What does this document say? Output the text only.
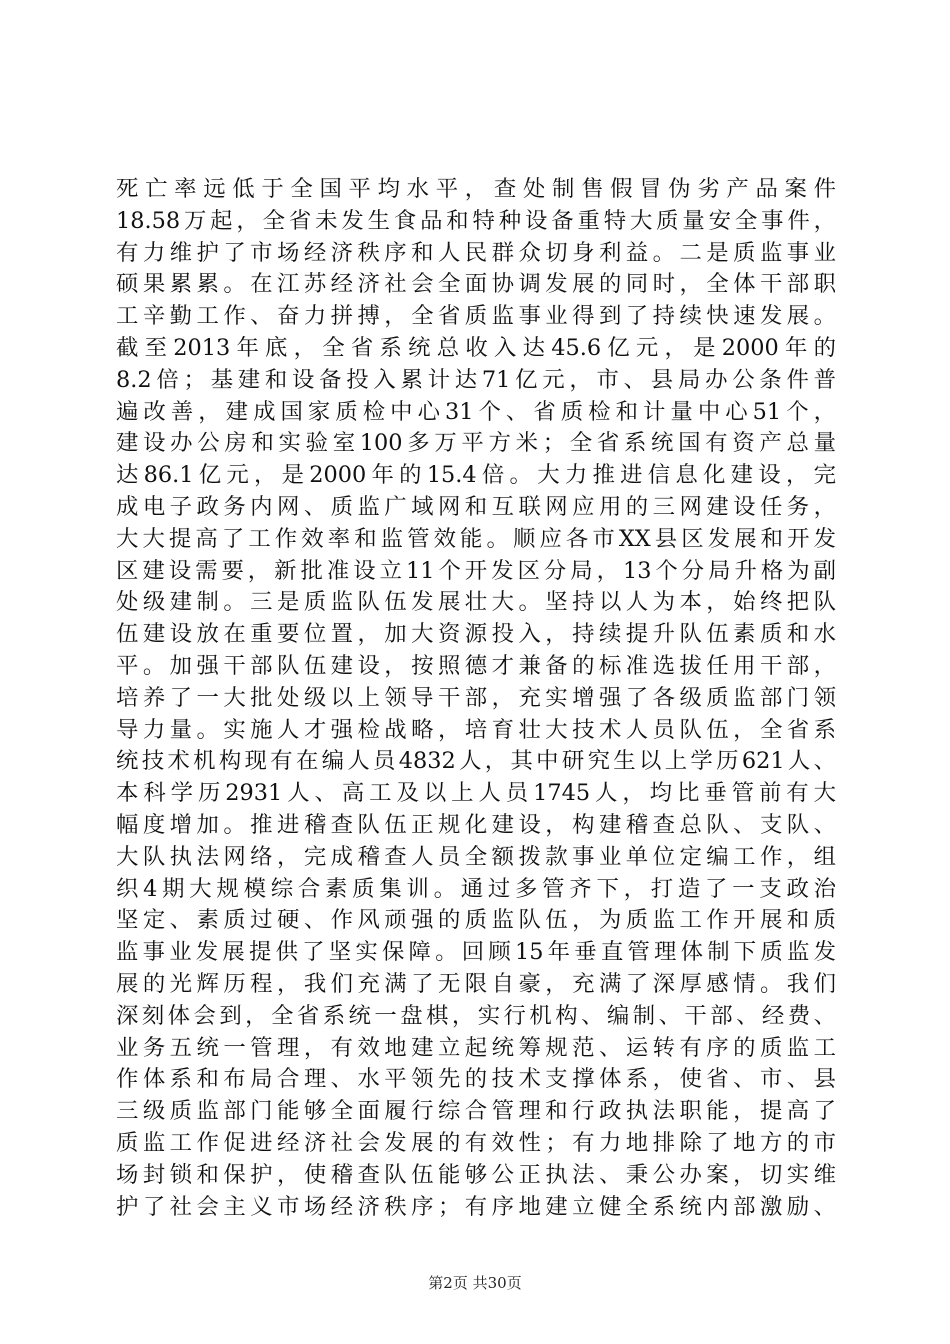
死亡率远低于全国平均水平，查处制售假冒伪劣产品案件
18.58万起，全省未发生食品和特种设备重特大质量安全事件，
有力维护了市场经济秩序和人民群众切身利益。二是质监事业
硕果累累。在江苏经济社会全面协调发展的同时，全体干部职
工辛勤工作、奋力拼搏，全省质监事业得到了持续快速发展。
截至2013年底，全省系统总收入达45.6亿元，是2000年的
8.2倍；基建和设备投入累计达71亿元，市、县局办公条件普
遍改善，建成国家质检中心31个、省质检和计量中心51个，
建设办公房和实验室100多万平方米；全省系统国有资产总量
达86.1亿元，是2000年的15.4倍。大力推进信息化建设，完
成电子政务内网、质监广域网和互联网应用的三网建设任务，
大大提高了工作效率和监管效能。顺应各市XX县区发展和开发
区建设需要，新批准设立11个开发区分局，13个分局升格为副
处级建制。三是质监队伍发展壮大。坚持以人为本，始终把队
伍建设放在重要位置，加大资源投入，持续提升队伍素质和水
平。加强干部队伍建设，按照德才兼备的标准选拔任用干部，
培养了一大批处级以上领导干部，充实增强了各级质监部门领
导力量。实施人才强检战略，培育壮大技术人员队伍，全省系
统技术机构现有在编人员4832人，其中研究生以上学历621人、
本科学历2931人、高工及以上人员1745人，均比垂管前有大
幅度增加。推进稽查队伍正规化建设，构建稽查总队、支队、
大队执法网络，完成稽查人员全额拨款事业单位定编工作，组
织4期大规模综合素质集训。通过多管齐下，打造了一支政治
坚定、素质过硬、作风顽强的质监队伍，为质监工作开展和质
监事业发展提供了坚实保障。回顾15年垂直管理体制下质监发
展的光辉历程，我们充满了无限自豪，充满了深厚感情。我们
深刻体会到，全省系统一盘棋，实行机构、编制、干部、经费、
业务五统一管理，有效地建立起统筹规范、运转有序的质监工
作体系和布局合理、水平领先的技术支撑体系，使省、市、县
三级质监部门能够全面履行综合管理和行政执法职能，提高了
质监工作促进经济社会发展的有效性；有力地排除了地方的市
场封锁和保护，使稽查队伍能够公正执法、秉公办案，切实维
护了社会主义市场经济秩序；有序地建立健全系统内部激励、
第2页 共30页
